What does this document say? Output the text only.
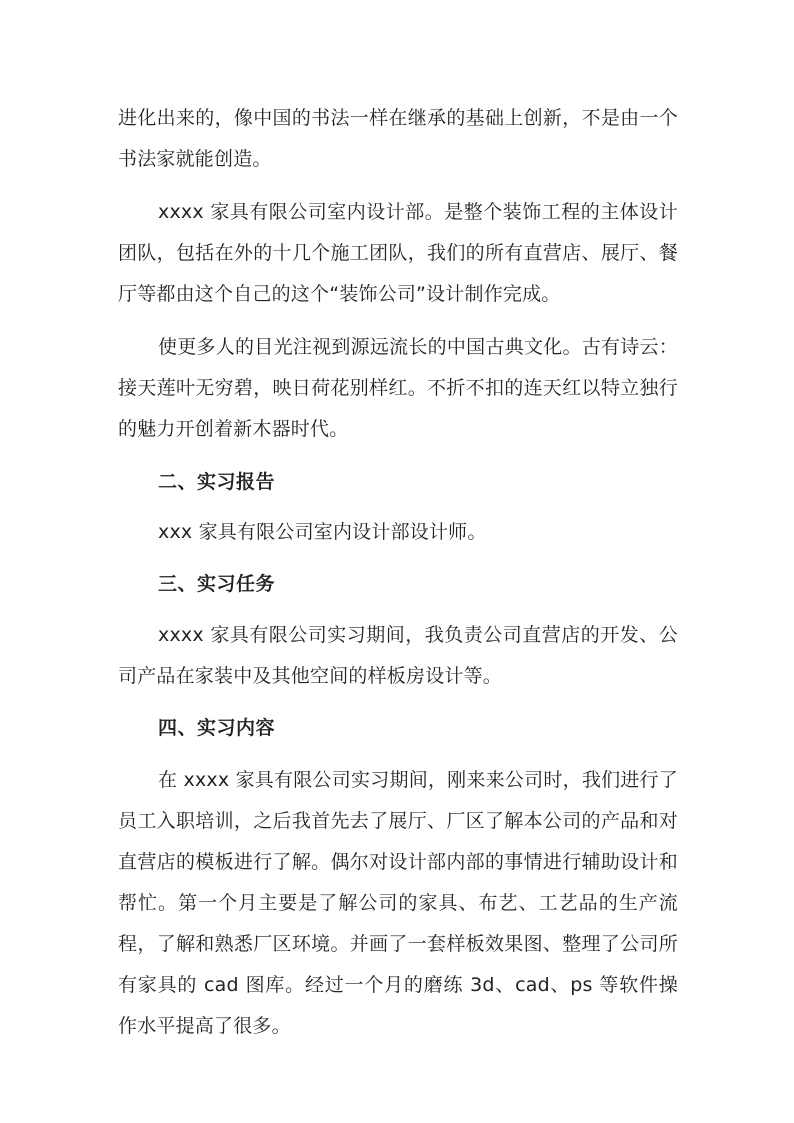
进化出来的，像中国的书法一样在继承的基础上创新，不是由一个书法家就能创造。

xxxx 家具有限公司室内设计部。是整个装饰工程的主体设计团队，包括在外的十几个施工团队，我们的所有直营店、展厅、餐厅等都由这个自己的这个“装饰公司”设计制作完成。

使更多人的目光注视到源远流长的中国古典文化。古有诗云：接天莲叶无穷碧，映日荷花别样红。不折不扣的连天红以特立独行的魅力开创着新木器时代。

二、实习报告

xxx 家具有限公司室内设计部设计师。

三、实习任务

xxxx 家具有限公司实习期间，我负责公司直营店的开发、公司产品在家装中及其他空间的样板房设计等。

四、实习内容

在 xxxx 家具有限公司实习期间，刚来来公司时，我们进行了员工入职培训，之后我首先去了展厅、厂区了解本公司的产品和对直营店的模板进行了解。偶尔对设计部内部的事情进行辅助设计和帮忙。第一个月主要是了解公司的家具、布艺、工艺品的生产流程，了解和熟悉厂区环境。并画了一套样板效果图、整理了公司所有家具的 cad 图库。经过一个月的磨练 3d、cad、ps 等软件操作水平提高了很多。
